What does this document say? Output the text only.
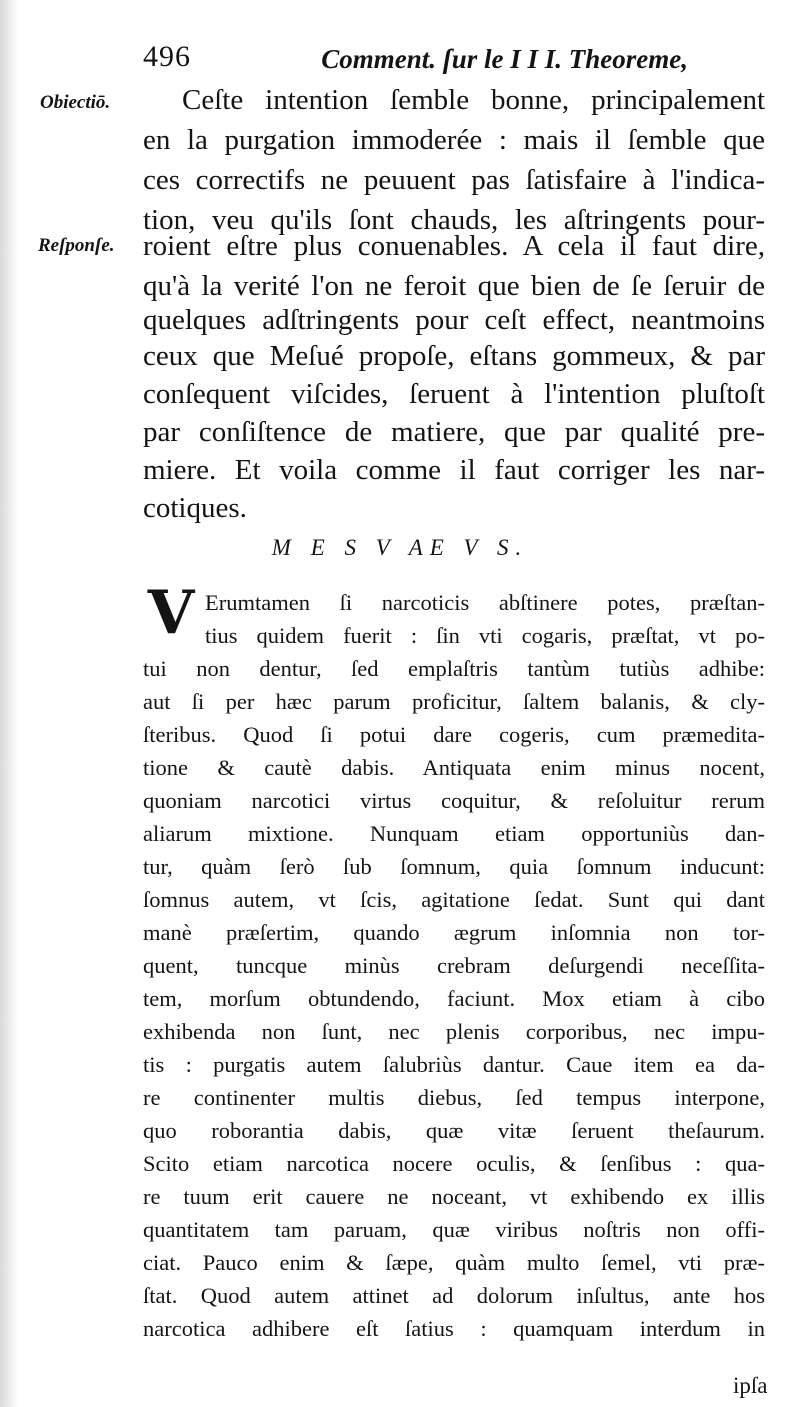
496	Comment. ſur le I I I. Theoreme,
Obiectiō.
Reſponſe.
Ceſte intention ſemble bonne, principalement
en la purgation immoderée : mais il ſemble que
ces correctifs ne peuuent pas ſatisfaire à l'indica-
tion, veu qu'ils ſont chauds, les aſtringents pour-
roient eſtre plus conuenables. A cela il faut dire,
qu'à la verité l'on ne feroit que bien de ſe ſeruir de
quelques adſtringents pour ceſt effect, neantmoins
ceux que Meſué propoſe, eſtans gommeux, & par
conſequent viſcides, ſeruent à l'intention pluſtoſt
par conſiſtence de matiere, que par qualité pre-
miere. Et voila comme il faut corriger les nar-
cotiques.
M E S V AE V S.
V Erumtamen ſi narcoticis abſtinere potes, præſtan-
tius quidem fuerit : ſin vti cogaris, præſtat, vt po-
tui non dentur, ſed emplaſtris tantùm tutiùs adhibe:
aut ſi per hæc parum proficitur, ſaltem balanis, & cly-
ſteribus. Quod ſi potui dare cogeris, cum præmedita-
tione & cautè dabis. Antiquata enim minus nocent,
quoniam narcotici virtus coquitur, & reſoluitur rerum
aliarum mixtione. Nunquam etiam opportuniùs dan-
tur, quàm ſerò ſub ſomnum, quia ſomnum inducunt:
ſomnus autem, vt ſcis, agitatione ſedat. Sunt qui dant
manè præſertim, quando ægrum inſomnia non tor-
quent, tuncque minùs crebram deſurgendi neceſſita-
tem, morſum obtundendo, faciunt. Mox etiam à cibo
exhibenda non ſunt, nec plenis corporibus, nec impu-
tis : purgatis autem ſalubriùs dantur. Caue item ea da-
re continenter multis diebus, ſed tempus interpone,
quo roborantia dabis, quæ vitæ ſeruent theſaurum.
Scito etiam narcotica nocere oculis, & ſenſibus : qua-
re tuum erit cauere ne noceant, vt exhibendo ex illis
quantitatem tam paruam, quæ viribus noſtris non offi-
ciat. Pauco enim & ſæpe, quàm multo ſemel, vti præ-
ſtat. Quod autem attinet ad dolorum inſultus, ante hos
narcotica adhibere eſt ſatius : quamquam interdum in
ipſa
